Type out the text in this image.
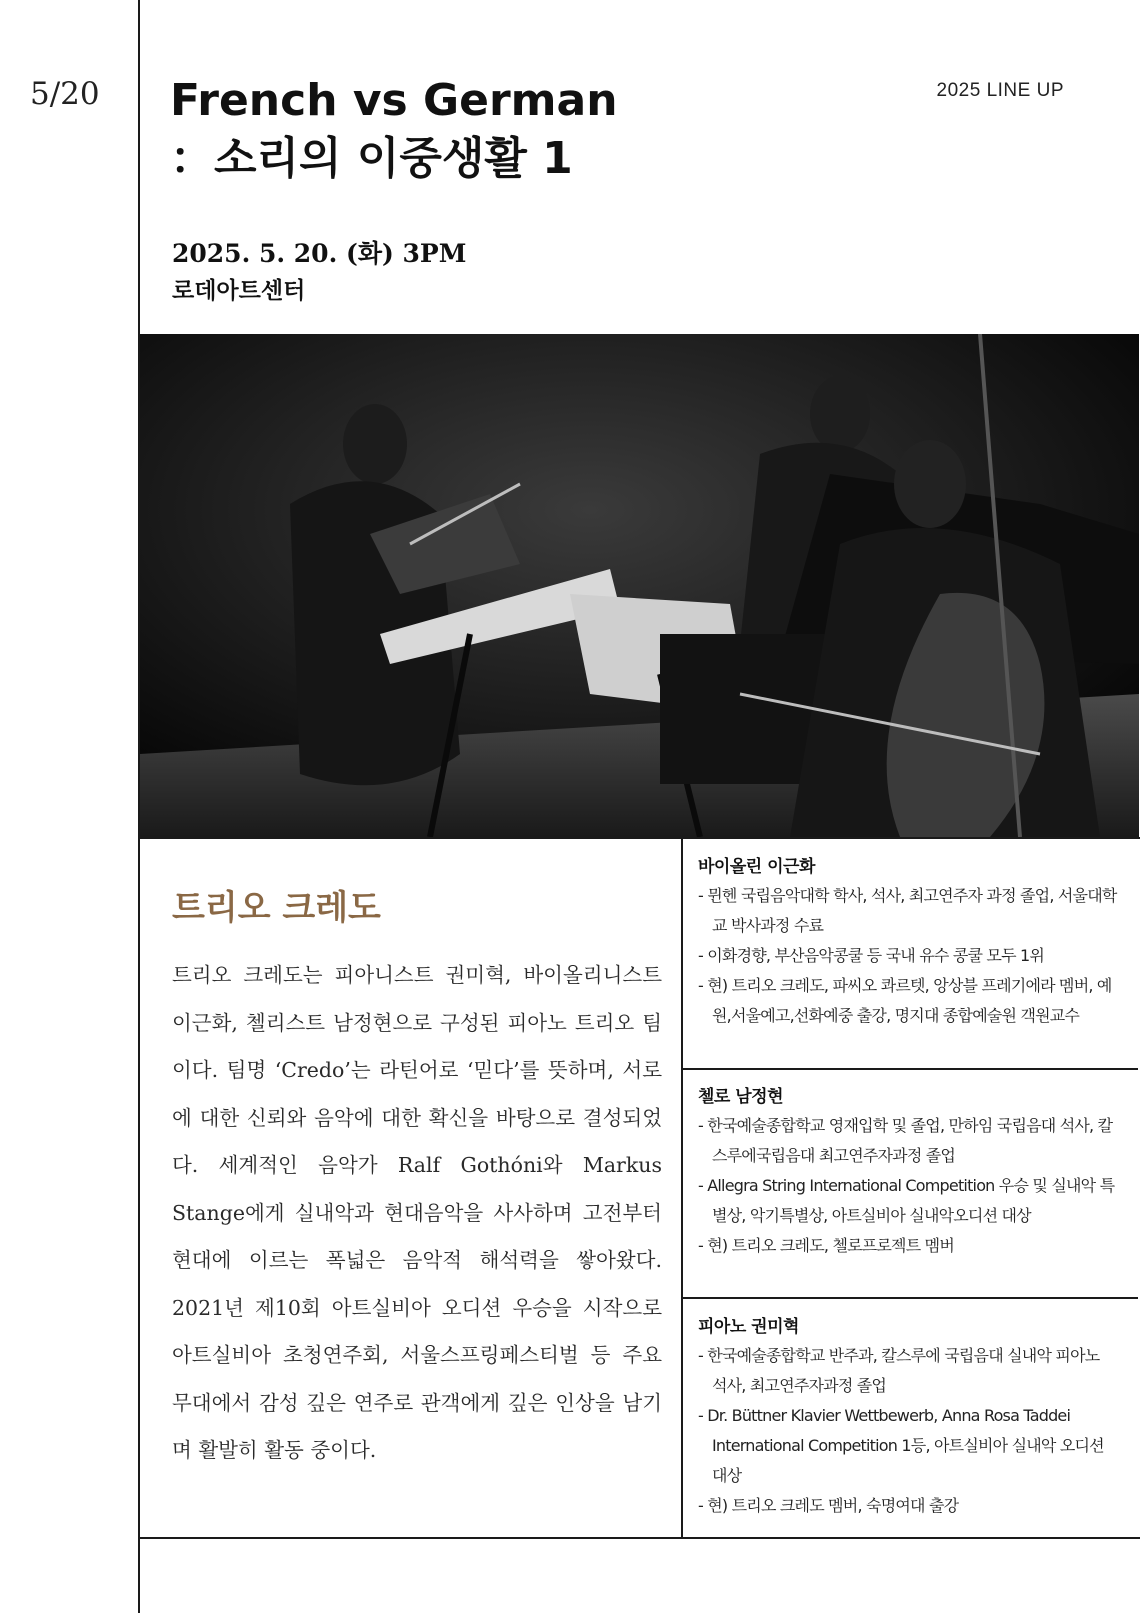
5/20	2025 LINE UP
French vs German
：소리의 이중생활 1
2025. 5. 20. (화) 3PM
로데아트센터
트리오 크레도

트리오 크레도는 피아니스트 권미혁, 바이올리니스트 이근화, 첼리스트 남정현으로 구성된 피아노 트리오 팀이다. 팀명 ‘Credo’는 라틴어로 ‘믿다’를 뜻하며, 서로에 대한 신뢰와 음악에 대한 확신을 바탕으로 결성되었다. 세계적인 음악가 Ralf Gothóni와 Markus Stange에게 실내악과 현대음악을 사사하며 고전부터 현대에 이르는 폭넓은 음악적 해석력을 쌓아왔다. 2021년 제10회 아트실비아 오디션 우승을 시작으로 아트실비아 초청연주회, 서울스프링페스티벌 등 주요 무대에서 감성 깊은 연주로 관객에게 깊은 인상을 남기며 활발히 활동 중이다.

바이올린 이근화
- 뮌헨 국립음악대학 학사, 석사, 최고연주자 과정 졸업, 서울대학교 박사과정 수료
- 이화경향, 부산음악콩쿨 등 국내 유수 콩쿨 모두 1위
- 현) 트리오 크레도, 파씨오 콰르텟, 앙상블 프레기에라 멤버, 예원,서울예고,선화예중 출강, 명지대 종합예술원 객원교수
첼로 남정현
- 한국예술종합학교 영재입학 및 졸업, 만하임 국립음대 석사, 칼스루에국립음대 최고연주자과정 졸업
- Allegra String International Competition 우승 및 실내악 특별상, 악기특별상, 아트실비아 실내악오디션 대상
- 현) 트리오 크레도, 첼로프로젝트 멤버
피아노 권미혁
- 한국예술종합학교 반주과, 칼스루에 국립음대 실내악 피아노 석사, 최고연주자과정 졸업
- Dr. Büttner Klavier Wettbewerb, Anna Rosa Taddei International Competition 1등, 아트실비아 실내악 오디션 대상
- 현) 트리오 크레도 멤버, 숙명여대 출강
